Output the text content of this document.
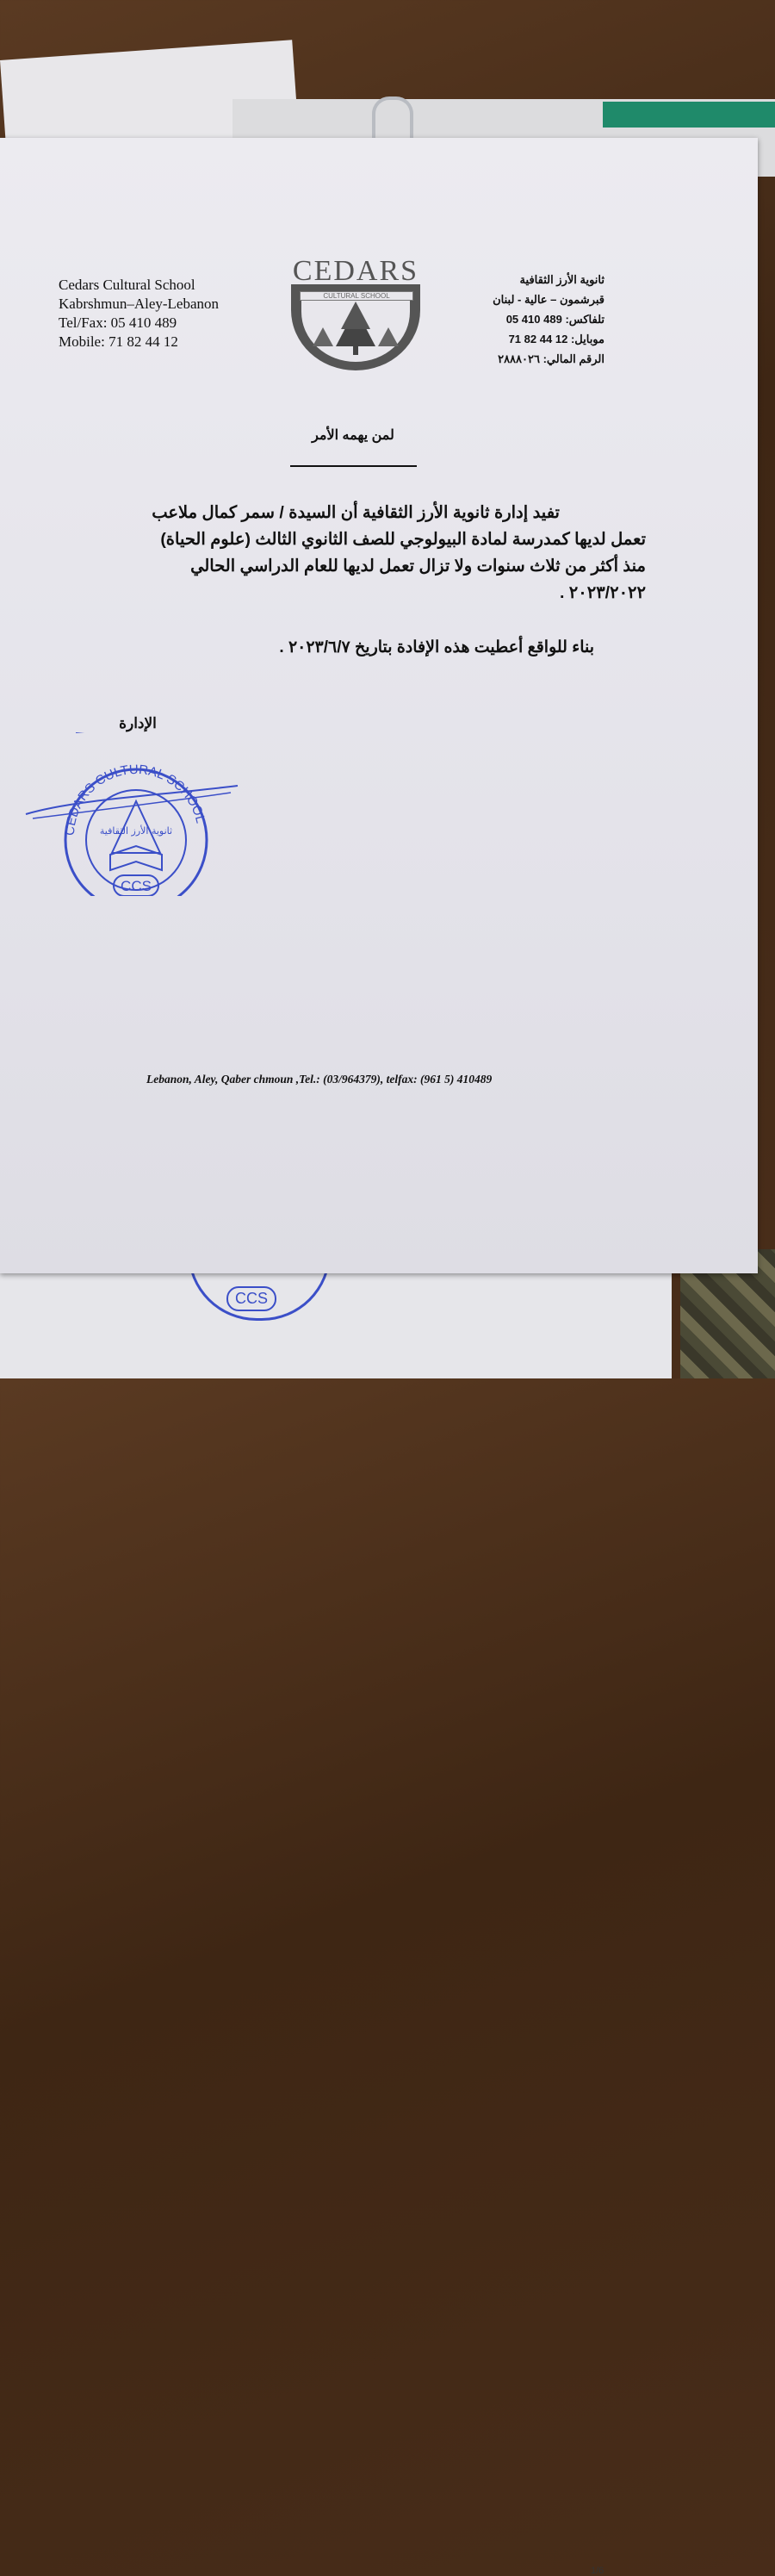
1/6
CCS
Cedars Cultural School
Kabrshmun–Aley-Lebanon
Tel/Fax: 05 410 489
Mobile: 71 82 44 12
CEDARS
CULTURAL SCHOOL
ثانوية الأرز الثقافية
قبرشمون – عالية - لبنان
تلفاكس: 489 410 05
موبايل: 12 44 82 71
الرقم المالي: ٢٨٨٨٠٢٦
لمن يهمه الأمر
تفيد إدارة ثانوية الأرز الثقافية أن السيدة / سمر كمال ملاعب
تعمل لديها كمدرسة لمادة البيولوجي للصف الثانوي الثالث (علوم الحياة)
منذ أكثر من ثلاث سنوات ولا تزال تعمل لديها للعام الدراسي الحالي
٢٠٢٣/٢٠٢٢ .
بناء للواقع أعطيت هذه الإفادة بتاريخ ٢٠٢٣/٦/٧ .
الإدارة
CEDARS CULTURAL SCHOOL
ثانوية الأرز الثقافية
CCS
Lebanon, Aley, Qaber chmoun ,Tel.: (03/964379), telfax: (961 5) 410489
